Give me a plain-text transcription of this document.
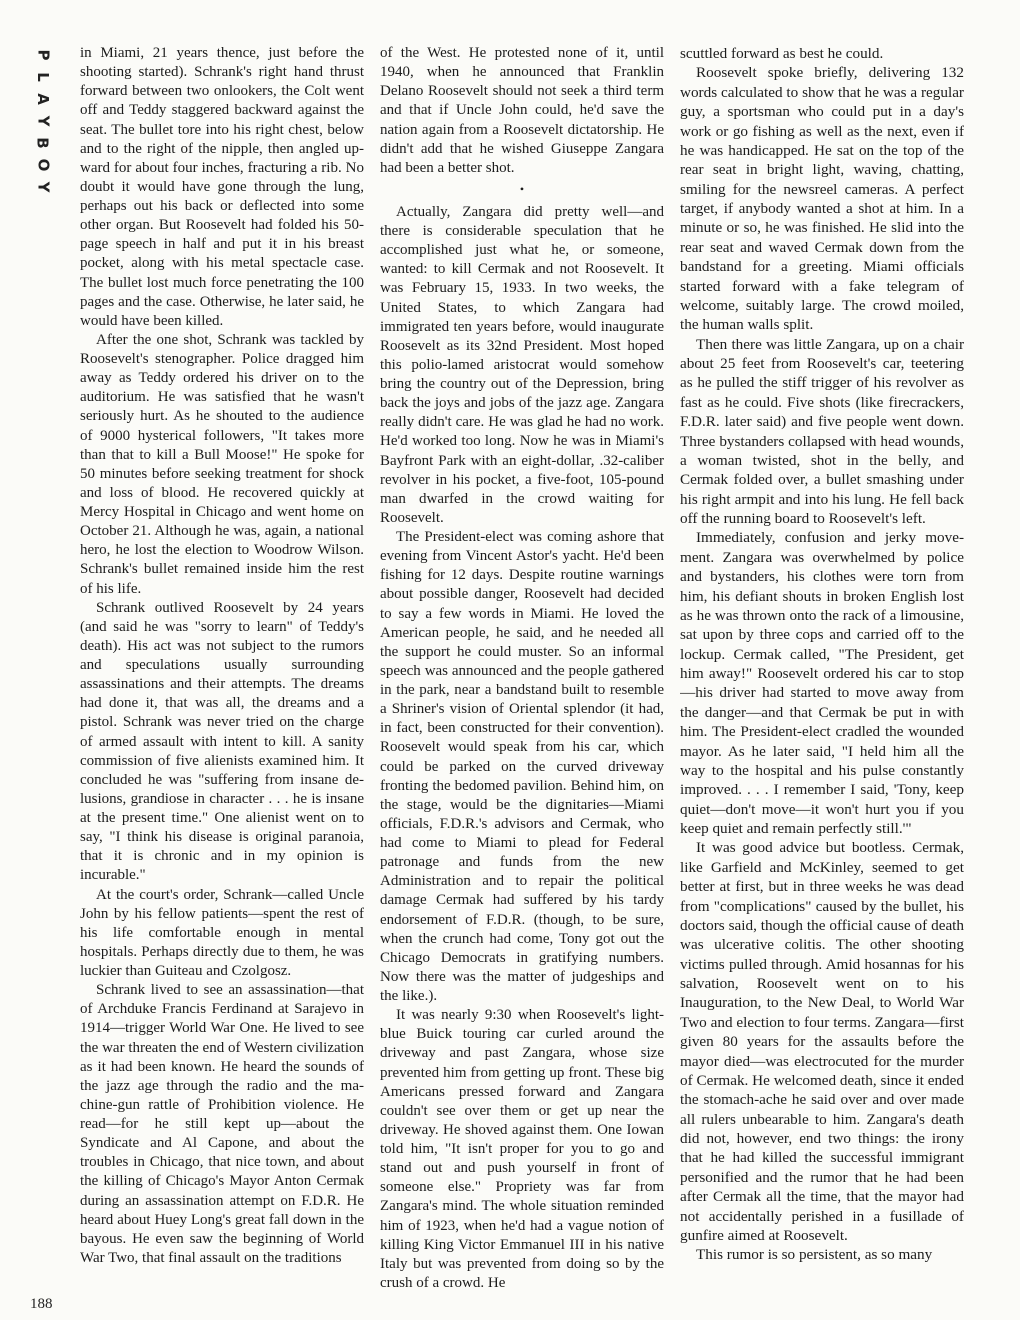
P
L
A
Y
B
O
Y
188

in Miami, 21 years thence, just before the shooting started). Schrank's right hand thrust forward between two onlookers, the Colt went off and Teddy staggered backward against the seat. The bullet tore into his right chest, below and to the right of the nipple, then angled upward for about four inches, fracturing a rib. No doubt it would have gone through the lung, perhaps out his back or deflected into some other organ. But Roosevelt had folded his 50-page speech in half and put it in his breast pocket, along with his metal spectacle case. The bullet lost much force penetrating the 100 pages and the case. Otherwise, he later said, he would have been killed.

After the one shot, Schrank was tackled by Roosevelt's stenographer. Police dragged him away as Teddy ordered his driver on to the auditorium. He was satisfied that he wasn't seriously hurt. As he shouted to the audience of 9000 hysterical followers, "It takes more than that to kill a Bull Moose!" He spoke for 50 minutes before seeking treatment for shock and loss of blood. He recovered quickly at Mercy Hospital in Chicago and went home on October 21. Although he was, again, a national hero, he lost the election to Woodrow Wilson. Schrank's bullet remained inside him the rest of his life.

Schrank outlived Roosevelt by 24 years (and said he was "sorry to learn" of Teddy's death). His act was not subject to the rumors and speculations usually surrounding assassinations and their attempts. The dreams had done it, that was all, the dreams and a pistol. Schrank was never tried on the charge of armed assault with intent to kill. A sanity commission of five alienists examined him. It concluded he was "suffering from insane delusions, grandiose in character . . . he is insane at the present time." One alienist went on to say, "I think his disease is original paranoia, that it is chronic and in my opinion is incurable."

At the court's order, Schrank—called Uncle John by his fellow patients—spent the rest of his life comfortable enough in mental hospitals. Perhaps directly due to them, he was luckier than Guiteau and Czolgosz.

Schrank lived to see an assassination—that of Archduke Francis Ferdinand at Sarajevo in 1914—trigger World War One. He lived to see the war threaten the end of Western civilization as it had been known. He heard the sounds of the jazz age through the radio and the machine-gun rattle of Prohibition violence. He read—for he still kept up—about the Syndicate and Al Capone, and about the troubles in Chicago, that nice town, and about the killing of Chicago's Mayor Anton Cermak during an assassination attempt on F.D.R. He heard about Huey Long's great fall down in the bayous. He even saw the beginning of World War Two, that final assault on the traditions

of the West. He protested none of it, until 1940, when he announced that Franklin Delano Roosevelt should not seek a third term and that if Uncle John could, he'd save the nation again from a Roosevelt dictatorship. He didn't add that he wished Giuseppe Zangara had been a better shot.

•

Actually, Zangara did pretty well—and there is considerable speculation that he accomplished just what he, or someone, wanted: to kill Cermak and not Roosevelt. It was February 15, 1933. In two weeks, the United States, to which Zangara had immigrated ten years before, would inaugurate Roosevelt as its 32nd President. Most hoped this polio-lamed aristocrat would somehow bring the country out of the Depression, bring back the joys and jobs of the jazz age. Zangara really didn't care. He was glad he had no work. He'd worked too long. Now he was in Miami's Bayfront Park with an eight-dollar, .32-caliber revolver in his pocket, a five-foot, 105-pound man dwarfed in the crowd waiting for Roosevelt.

The President-elect was coming ashore that evening from Vincent Astor's yacht. He'd been fishing for 12 days. Despite routine warnings about possible danger, Roosevelt had decided to say a few words in Miami. He loved the American people, he said, and he needed all the support he could muster. So an informal speech was announced and the people gathered in the park, near a bandstand built to resemble a Shriner's vision of Oriental splendor (it had, in fact, been constructed for their convention). Roosevelt would speak from his car, which could be parked on the curved driveway fronting the bedomed pavilion. Behind him, on the stage, would be the dignitaries—Miami officials, F.D.R.'s advisors and Cermak, who had come to Miami to plead for Federal patronage and funds from the new Administration and to repair the political damage Cermak had suffered by his tardy endorsement of F.D.R. (though, to be sure, when the crunch had come, Tony got out the Chicago Democrats in gratifying numbers. Now there was the matter of judgeships and the like.).

It was nearly 9:30 when Roosevelt's light-blue Buick touring car curled around the driveway and past Zangara, whose size prevented him from getting up front. These big Americans pressed forward and Zangara couldn't see over them or get up near the driveway. He shoved against them. One Iowan told him, "It isn't proper for you to go and stand out and push yourself in front of someone else." Propriety was far from Zangara's mind. The whole situation reminded him of 1923, when he'd had a vague notion of killing King Victor Emmanuel III in his native Italy but was prevented from doing so by the crush of a crowd. He

scuttled forward as best he could.

Roosevelt spoke briefly, delivering 132 words calculated to show that he was a regular guy, a sportsman who could put in a day's work or go fishing as well as the next, even if he was handicapped. He sat on the top of the rear seat in bright light, waving, chatting, smiling for the newsreel cameras. A perfect target, if anybody wanted a shot at him. In a minute or so, he was finished. He slid into the rear seat and waved Cermak down from the bandstand for a greeting. Miami officials started forward with a fake telegram of welcome, suitably large. The crowd moiled, the human walls split.

Then there was little Zangara, up on a chair about 25 feet from Roosevelt's car, teetering as he pulled the stiff trigger of his revolver as fast as he could. Five shots (like firecrackers, F.D.R. later said) and five people went down. Three bystanders collapsed with head wounds, a woman twisted, shot in the belly, and Cermak folded over, a bullet smashing under his right armpit and into his lung. He fell back off the running board to Roosevelt's left.

Immediately, confusion and jerky movement. Zangara was overwhelmed by police and bystanders, his clothes were torn from him, his defiant shouts in broken English lost as he was thrown onto the rack of a limousine, sat upon by three cops and carried off to the lockup. Cermak called, "The President, get him away!" Roosevelt ordered his car to stop—his driver had started to move away from the danger—and that Cermak be put in with him. The President-elect cradled the wounded mayor. As he later said, "I held him all the way to the hospital and his pulse constantly improved. . . . I remember I said, 'Tony, keep quiet—don't move—it won't hurt you if you keep quiet and remain perfectly still.'"

It was good advice but bootless. Cermak, like Garfield and McKinley, seemed to get better at first, but in three weeks he was dead from "complications" caused by the bullet, his doctors said, though the official cause of death was ulcerative colitis. The other shooting victims pulled through. Amid hosannas for his salvation, Roosevelt went on to his Inauguration, to the New Deal, to World War Two and election to four terms. Zangara—first given 80 years for the assaults before the mayor died—was electrocuted for the murder of Cermak. He welcomed death, since it ended the stomach-ache he said over and over made all rulers unbearable to him. Zangara's death did not, however, end two things: the irony that he had killed the successful immigrant personified and the rumor that he had been after Cermak all the time, that the mayor had not accidentally perished in a fusillade of gunfire aimed at Roosevelt.

This rumor is so persistent, as so many
